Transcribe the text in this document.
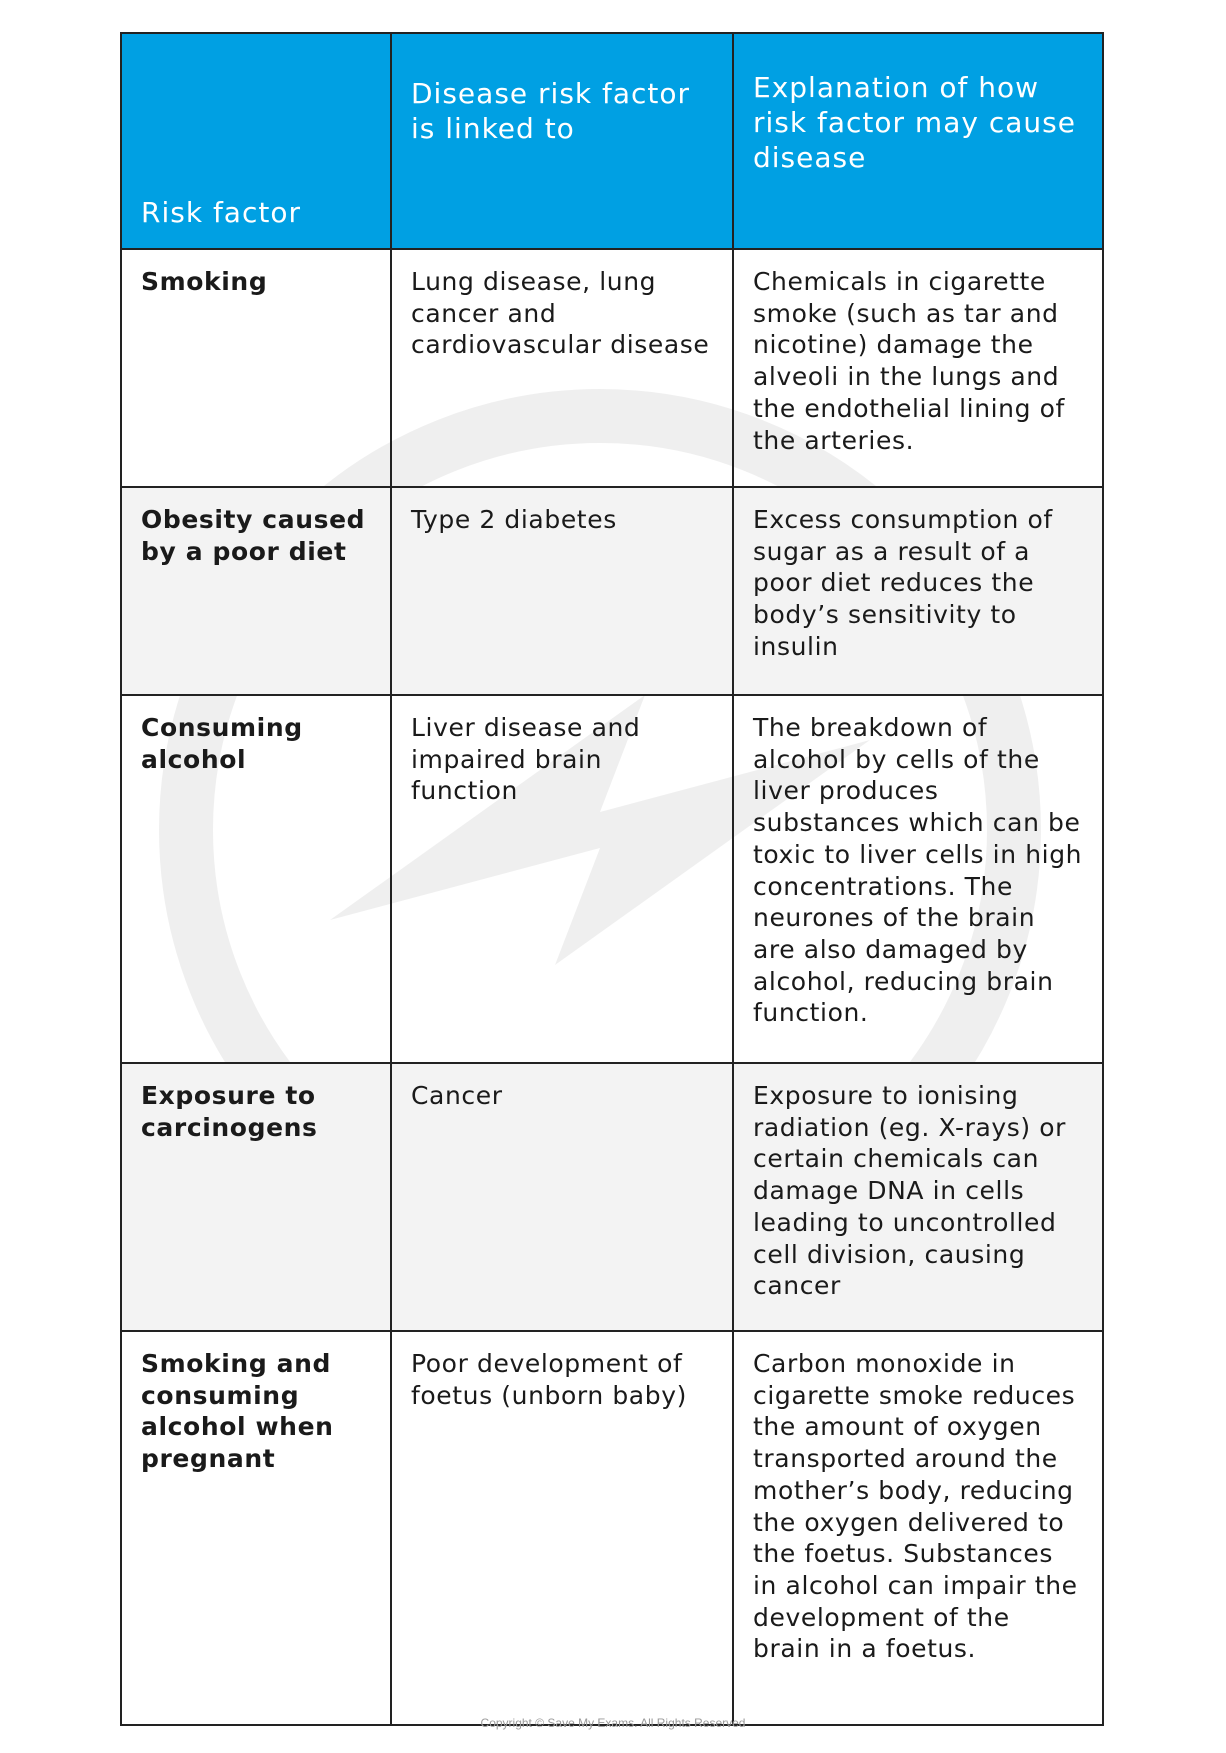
Risk factor	Disease risk factor is linked to	Explanation of how risk factor may cause disease
Smoking	Lung disease, lung cancer and cardiovascular disease	Chemicals in cigarette smoke (such as tar and nicotine) damage the alveoli in the lungs and the endothelial lining of the arteries.
Obesity caused by a poor diet	Type 2 diabetes	Excess consumption of sugar as a result of a poor diet reduces the body’s sensitivity to insulin
Consuming alcohol	Liver disease and impaired brain function	The breakdown of alcohol by cells of the liver produces substances which can be toxic to liver cells in high concentrations. The neurones of the brain are also damaged by alcohol, reducing brain function.
Exposure to carcinogens	Cancer	Exposure to ionising radiation (eg. X-rays) or certain chemicals can damage DNA in cells leading to uncontrolled cell division, causing cancer
Smoking and consuming alcohol when pregnant	Poor development of foetus (unborn baby)	Carbon monoxide in cigarette smoke reduces the amount of oxygen transported around the mother’s body, reducing the oxygen delivered to the foetus. Substances in alcohol can impair the development of the brain in a foetus.
Copyright © Save My Exams. All Rights Reserved
